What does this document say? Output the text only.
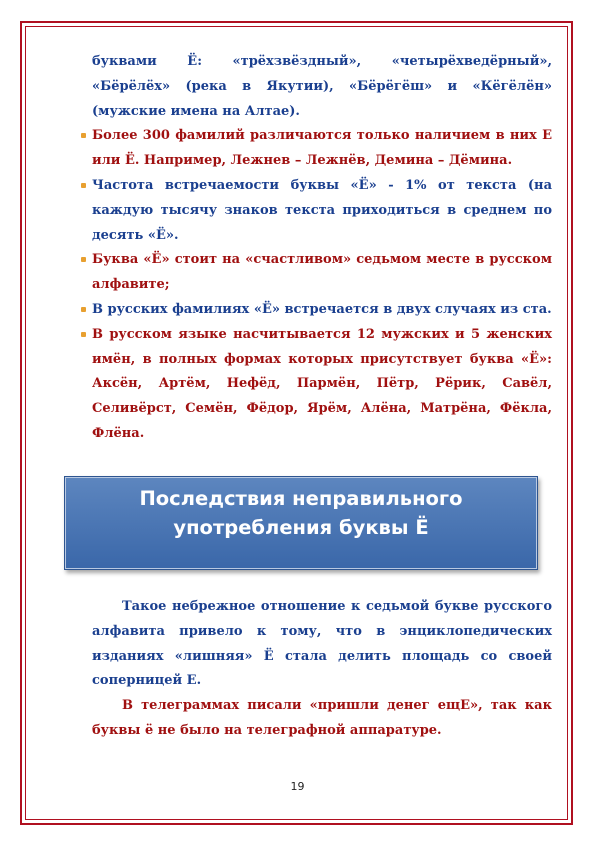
буквами Ё: «трёхзвёздный», «четырёхведёрный», «Бёрёлёх» (река в Якутии), «Бёрёгёш» и «Кёгёлён» (мужские имена на Алтае).

Более 300 фамилий различаются только наличием в них Е или Ё. Например, Лежнев – Лежнёв, Демина – Дёмина.

Частота встречаемости буквы «Ё» - 1% от текста (на каждую тысячу знаков текста приходиться в среднем по десять «Ё».

Буква «Ё» стоит на «счастливом» седьмом месте в русском алфавите;

В русских фамилиях «Ё» встречается в двух случаях из ста.

В русском языке насчитывается 12 мужских и 5 женских имён, в полных формах которых присутствует буква «Ё»: Аксён, Артём, Нефёд, Пармён, Пётр, Рёрик, Савёл, Селивёрст, Семён, Фёдор, Ярём, Алёна, Матрёна, Фёкла, Флёна.

Последствия неправильного
употребления буквы Ё

Такое небрежное отношение к седьмой букве русского алфавита привело к тому, что в энциклопедических изданиях «лишняя» Ё стала делить площадь со своей соперницей Е.

В телеграммах писали «пришли денег ещЕ», так как буквы ё не было на телеграфной аппаратуре.

19
